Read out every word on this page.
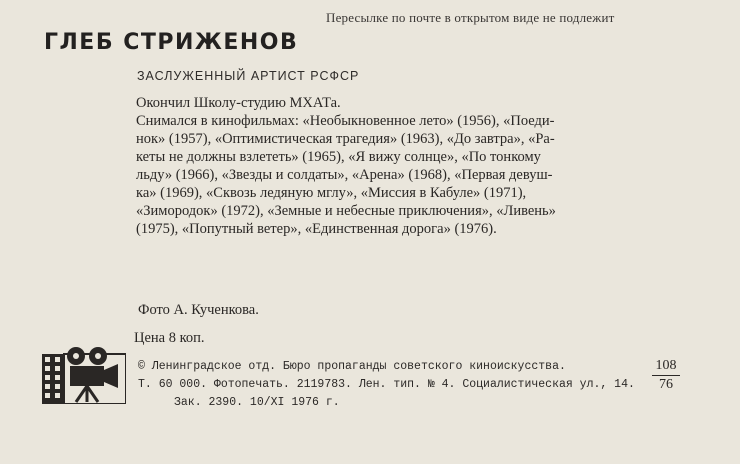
Пересылке по почте в открытом виде не подлежит
ГЛЕБ СТРИЖЕНОВ
ЗАСЛУЖЕННЫЙ АРТИСТ РСФСР
Окончил Школу-студию МХАТа.
Снимался в кинофильмах: «Необыкновенное лето» (1956), «Поеди-
нок» (1957), «Оптимистическая трагедия» (1963), «До завтра», «Ра-
кеты не должны взлететь» (1965), «Я вижу солнце», «По тонкому
льду» (1966), «Звезды и солдаты», «Арена» (1968), «Первая девуш-
ка» (1969), «Сквозь ледяную мглу», «Миссия в Кабуле» (1971),
«Зимородок» (1972), «Земные и небесные приключения», «Ливень»
(1975), «Попутный ветер», «Единственная дорога» (1976).
Фото А. Кученкова.
Цена 8 коп.
© Ленинградское отд. Бюро пропаганды советского киноискусства.
Т. 60 000. Фотопечать. 2119783. Лен. тип. № 4. Социалистическая ул., 14.
Зак. 2390. 10/XI 1976 г.
108
76
